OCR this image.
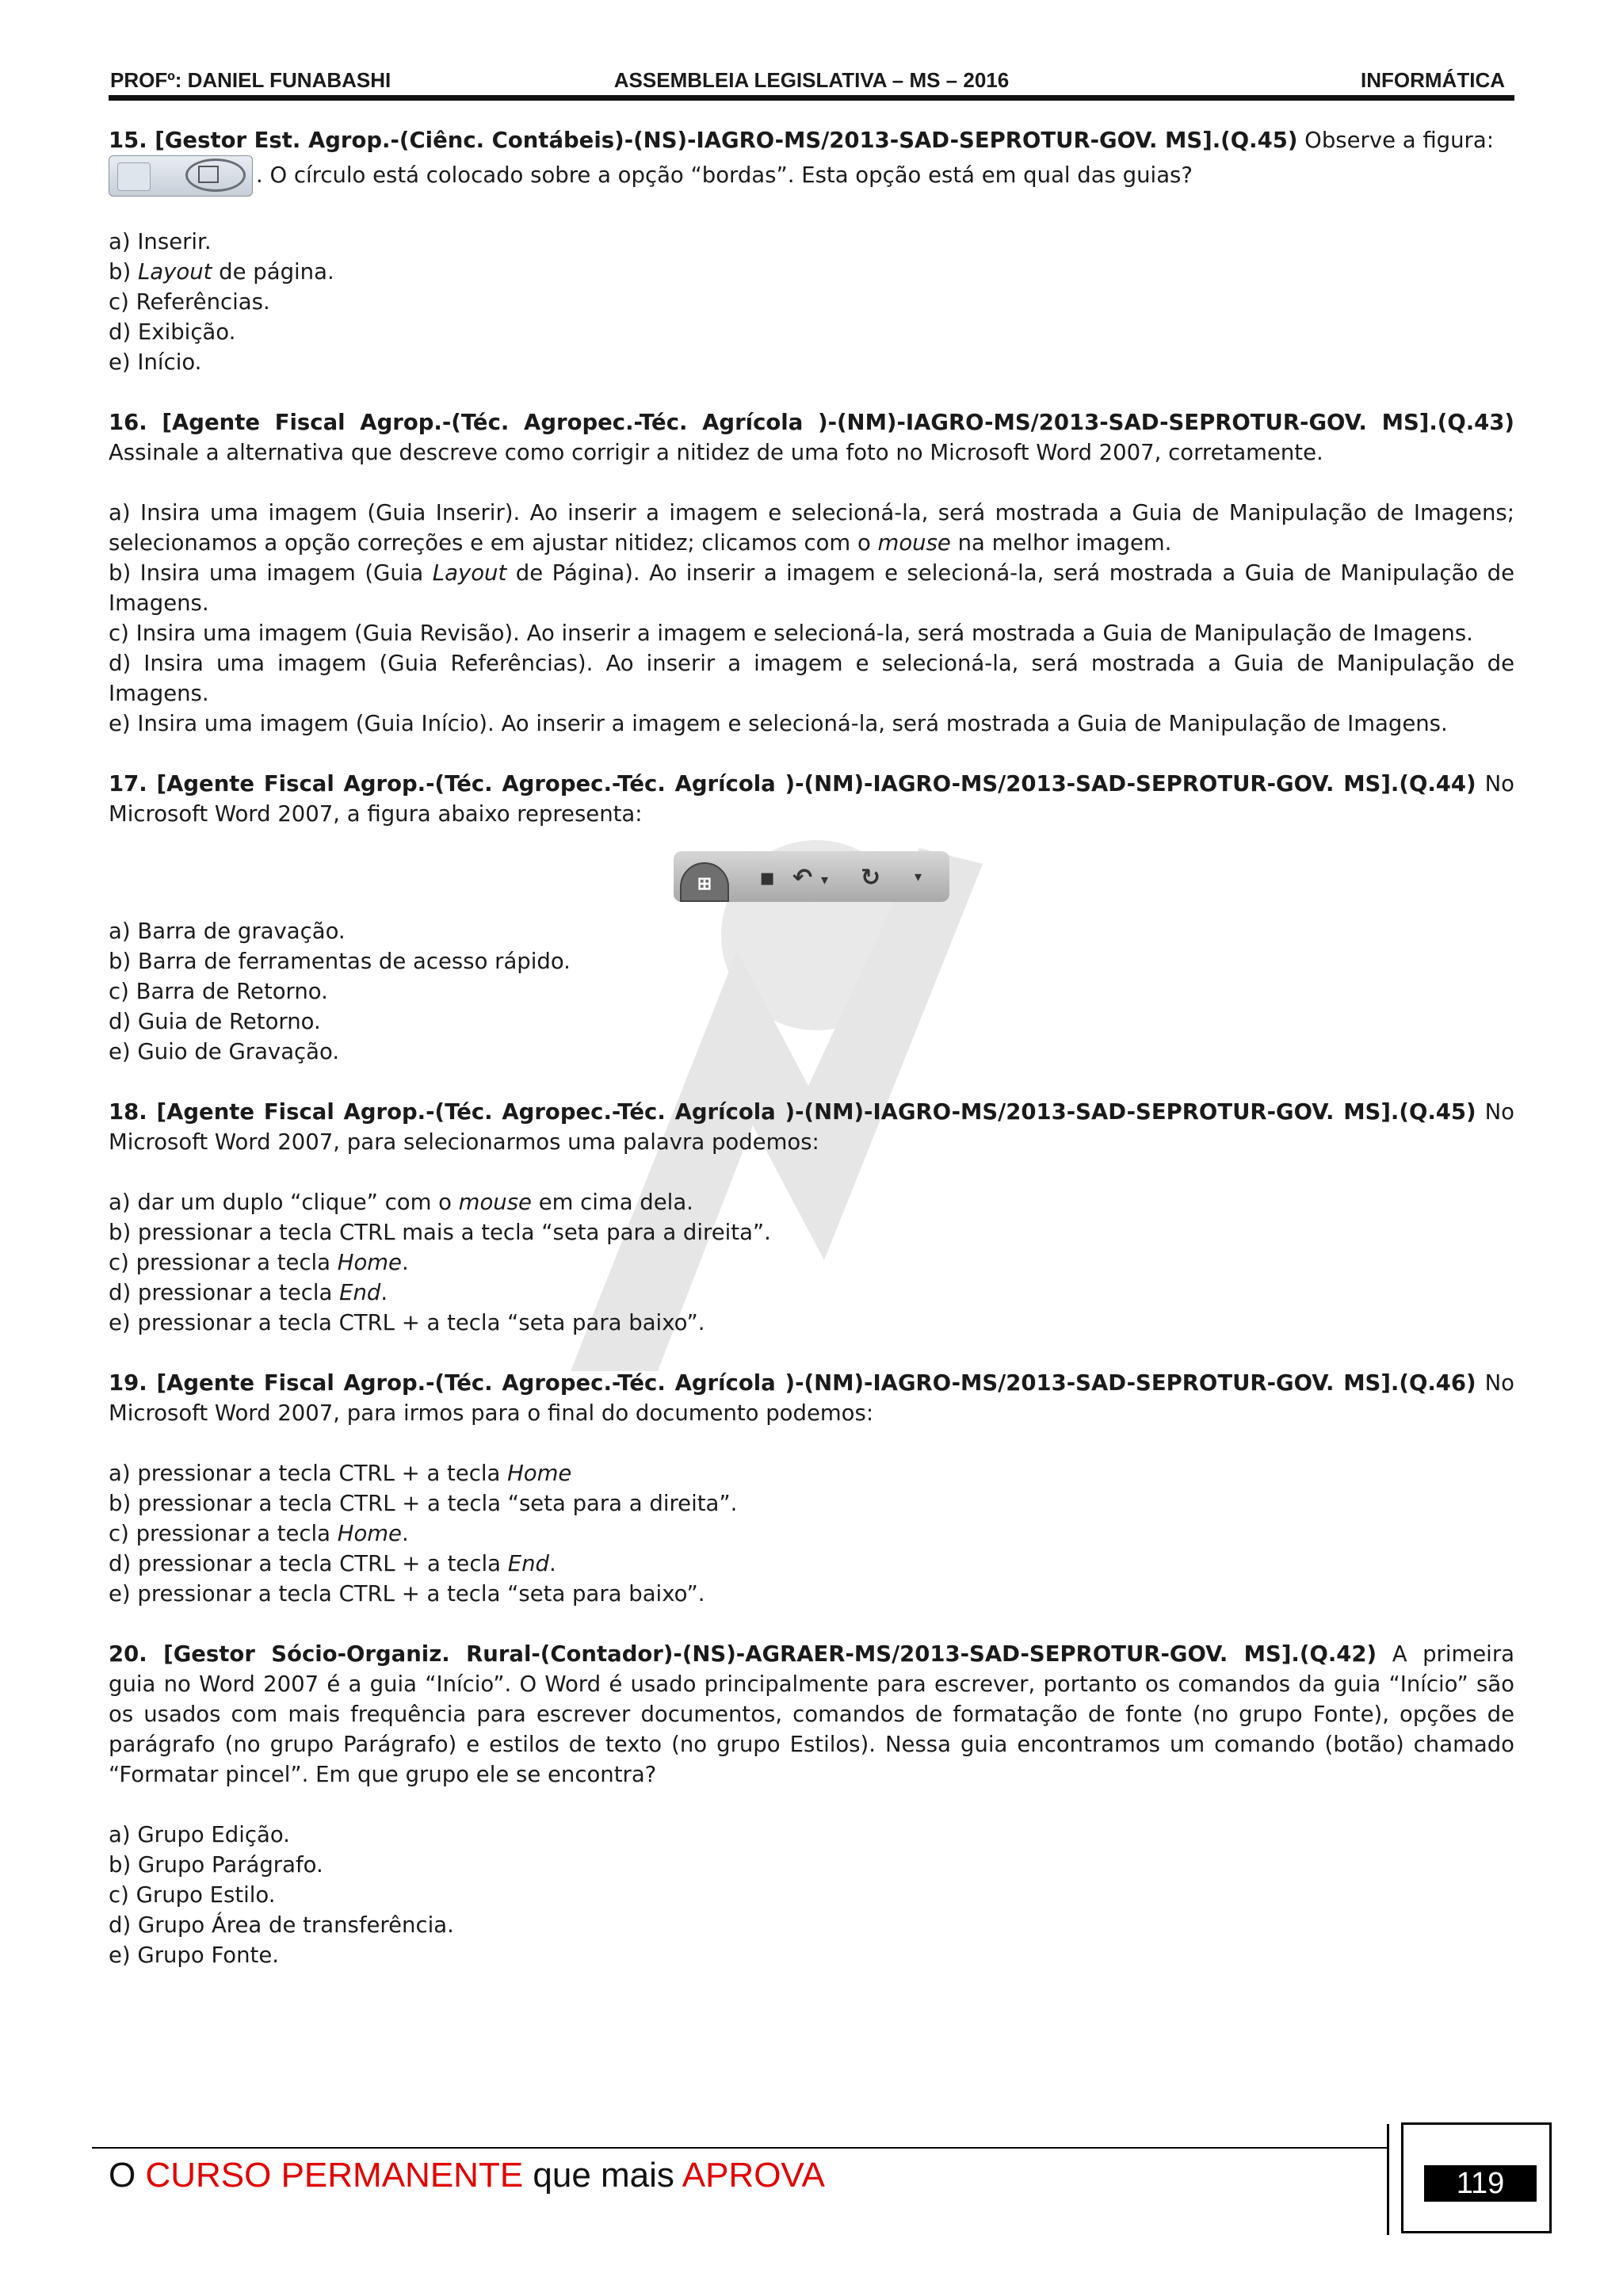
PROFº: DANIEL FUNABASHI	ASSEMBLEIA LEGISLATIVA – MS – 2016	INFORMÁTICA

15. [Gestor Est. Agrop.-(Ciênc. Contábeis)-(NS)-IAGRO-MS/2013-SAD-SEPROTUR-GOV. MS].(Q.45) Observe a figura:

. O círculo está colocado sobre a opção “bordas”. Esta opção está em qual das guias?

a) Inserir.
b) Layout de página.
c) Referências.
d) Exibição.
e) Início.

16. [Agente Fiscal Agrop.-(Téc. Agropec.-Téc. Agrícola )-(NM)-IAGRO-MS/2013-SAD-SEPROTUR-GOV. MS].(Q.43) Assinale a alternativa que descreve como corrigir a nitidez de uma foto no Microsoft Word 2007, corretamente.

a) Insira uma imagem (Guia Inserir). Ao inserir a imagem e selecioná-la, será mostrada a Guia de Manipulação de Imagens; selecionamos a opção correções e em ajustar nitidez; clicamos com o mouse na melhor imagem.
b) Insira uma imagem (Guia Layout de Página). Ao inserir a imagem e selecioná-la, será mostrada a Guia de Manipulação de Imagens.
c) Insira uma imagem (Guia Revisão). Ao inserir a imagem e selecioná-la, será mostrada a Guia de Manipulação de Imagens.
d) Insira uma imagem (Guia Referências). Ao inserir a imagem e selecioná-la, será mostrada a Guia de Manipulação de Imagens.
e) Insira uma imagem (Guia Início). Ao inserir a imagem e selecioná-la, será mostrada a Guia de Manipulação de Imagens.

17. [Agente Fiscal Agrop.-(Téc. Agropec.-Téc. Agrícola )-(NM)-IAGRO-MS/2013-SAD-SEPROTUR-GOV. MS].(Q.44) No Microsoft Word 2007, a figura abaixo representa:

⊞	▪ ↶ ▾ ↻ ▾
a) Barra de gravação.
b) Barra de ferramentas de acesso rápido.
c) Barra de Retorno.
d) Guia de Retorno.
e) Guio de Gravação.

18. [Agente Fiscal Agrop.-(Téc. Agropec.-Téc. Agrícola )-(NM)-IAGRO-MS/2013-SAD-SEPROTUR-GOV. MS].(Q.45) No Microsoft Word 2007, para selecionarmos uma palavra podemos:

a) dar um duplo “clique” com o mouse em cima dela.
b) pressionar a tecla CTRL mais a tecla “seta para a direita”.
c) pressionar a tecla Home.
d) pressionar a tecla End.
e) pressionar a tecla CTRL + a tecla “seta para baixo”.

19. [Agente Fiscal Agrop.-(Téc. Agropec.-Téc. Agrícola )-(NM)-IAGRO-MS/2013-SAD-SEPROTUR-GOV. MS].(Q.46) No Microsoft Word 2007, para irmos para o final do documento podemos:

a) pressionar a tecla CTRL + a tecla Home
b) pressionar a tecla CTRL + a tecla “seta para a direita”.
c) pressionar a tecla Home.
d) pressionar a tecla CTRL + a tecla End.
e) pressionar a tecla CTRL + a tecla “seta para baixo”.

20. [Gestor Sócio-Organiz. Rural-(Contador)-(NS)-AGRAER-MS/2013-SAD-SEPROTUR-GOV. MS].(Q.42) A primeira guia no Word 2007 é a guia “Início”. O Word é usado principalmente para escrever, portanto os comandos da guia “Início” são os usados com mais frequência para escrever documentos, comandos de formatação de fonte (no grupo Fonte), opções de parágrafo (no grupo Parágrafo) e estilos de texto (no grupo Estilos). Nessa guia encontramos um comando (botão) chamado “Formatar pincel”. Em que grupo ele se encontra?

a) Grupo Edição.
b) Grupo Parágrafo.
c) Grupo Estilo.
d) Grupo Área de transferência.
e) Grupo Fonte.
119
O CURSO PERMANENTE que mais APROVA
